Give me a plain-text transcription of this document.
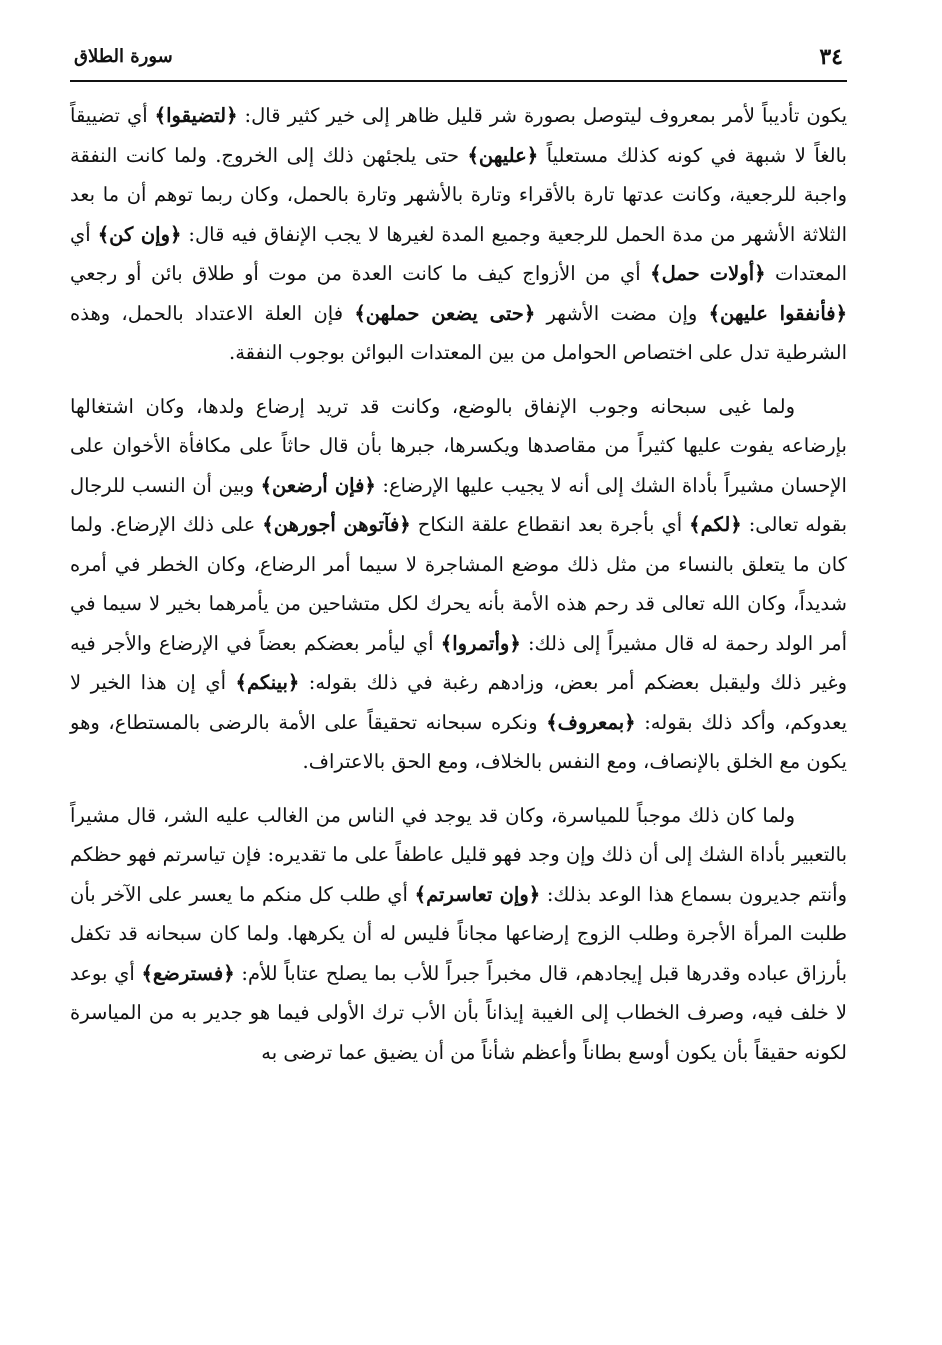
٣٤
سورة الطلاق

يكون تأديباً لأمر بمعروف ليتوصل بصورة شر قليل ظاهر إلى خير كثير قال: ﴿لتضيقوا﴾ أي تضييقاً بالغاً لا شبهة في كونه كذلك مستعلياً ﴿عليهن﴾ حتى يلجئهن ذلك إلى الخروج. ولما كانت النفقة واجبة للرجعية، وكانت عدتها تارة بالأقراء وتارة بالأشهر وتارة بالحمل، وكان ربما توهم أن ما بعد الثلاثة الأشهر من مدة الحمل للرجعية وجميع المدة لغيرها لا يجب الإنفاق فيه قال: ﴿وإن كن﴾ أي المعتدات ﴿أولات حمل﴾ أي من الأزواج كيف ما كانت العدة من موت أو طلاق بائن أو رجعي ﴿فأنفقوا عليهن﴾ وإن مضت الأشهر ﴿حتى يضعن حملهن﴾ فإن العلة الاعتداد بالحمل، وهذه الشرطية تدل على اختصاص الحوامل من بين المعتدات البوائن بوجوب النفقة.

ولما غيى سبحانه وجوب الإنفاق بالوضع، وكانت قد تريد إرضاع ولدها، وكان اشتغالها بإرضاعه يفوت عليها كثيراً من مقاصدها ويكسرها، جبرها بأن قال حاثاً على مكافأة الأخوان على الإحسان مشيراً بأداة الشك إلى أنه لا يجيب عليها الإرضاع: ﴿فإن أرضعن﴾ وبين أن النسب للرجال بقوله تعالى: ﴿لكم﴾ أي بأجرة بعد انقطاع علقة النكاح ﴿فآتوهن أجورهن﴾ على ذلك الإرضاع. ولما كان ما يتعلق بالنساء من مثل ذلك موضع المشاجرة لا سيما أمر الرضاع، وكان الخطر في أمره شديداً، وكان الله تعالى قد رحم هذه الأمة بأنه يحرك لكل متشاحين من يأمرهما بخير لا سيما في أمر الولد رحمة له قال مشيراً إلى ذلك: ﴿وأتمروا﴾ أي ليأمر بعضكم بعضاً في الإرضاع والأجر فيه وغير ذلك وليقبل بعضكم أمر بعض، وزادهم رغبة في ذلك بقوله: ﴿بينكم﴾ أي إن هذا الخير لا يعدوكم، وأكد ذلك بقوله: ﴿بمعروف﴾ ونكره سبحانه تحقيقاً على الأمة بالرضى بالمستطاع، وهو يكون مع الخلق بالإنصاف، ومع النفس بالخلاف، ومع الحق بالاعتراف.

ولما كان ذلك موجباً للمياسرة، وكان قد يوجد في الناس من الغالب عليه الشر، قال مشيراً بالتعبير بأداة الشك إلى أن ذلك وإن وجد فهو قليل عاطفاً على ما تقديره: فإن تياسرتم فهو حظكم وأنتم جديرون بسماع هذا الوعد بذلك: ﴿وإن تعاسرتم﴾ أي طلب كل منكم ما يعسر على الآخر بأن طلبت المرأة الأجرة وطلب الزوج إرضاعها مجاناً فليس له أن يكرهها. ولما كان سبحانه قد تكفل بأرزاق عباده وقدرها قبل إيجادهم، قال مخبراً جبراً للأب بما يصلح عتاباً للأم: ﴿فسترضع﴾ أي بوعد لا خلف فيه، وصرف الخطاب إلى الغيبة إيذاناً بأن الأب ترك الأولى فيما هو جدير به من المياسرة لكونه حقيقاً بأن يكون أوسع بطاناً وأعظم شأناً من أن يضيق عما ترضى به
